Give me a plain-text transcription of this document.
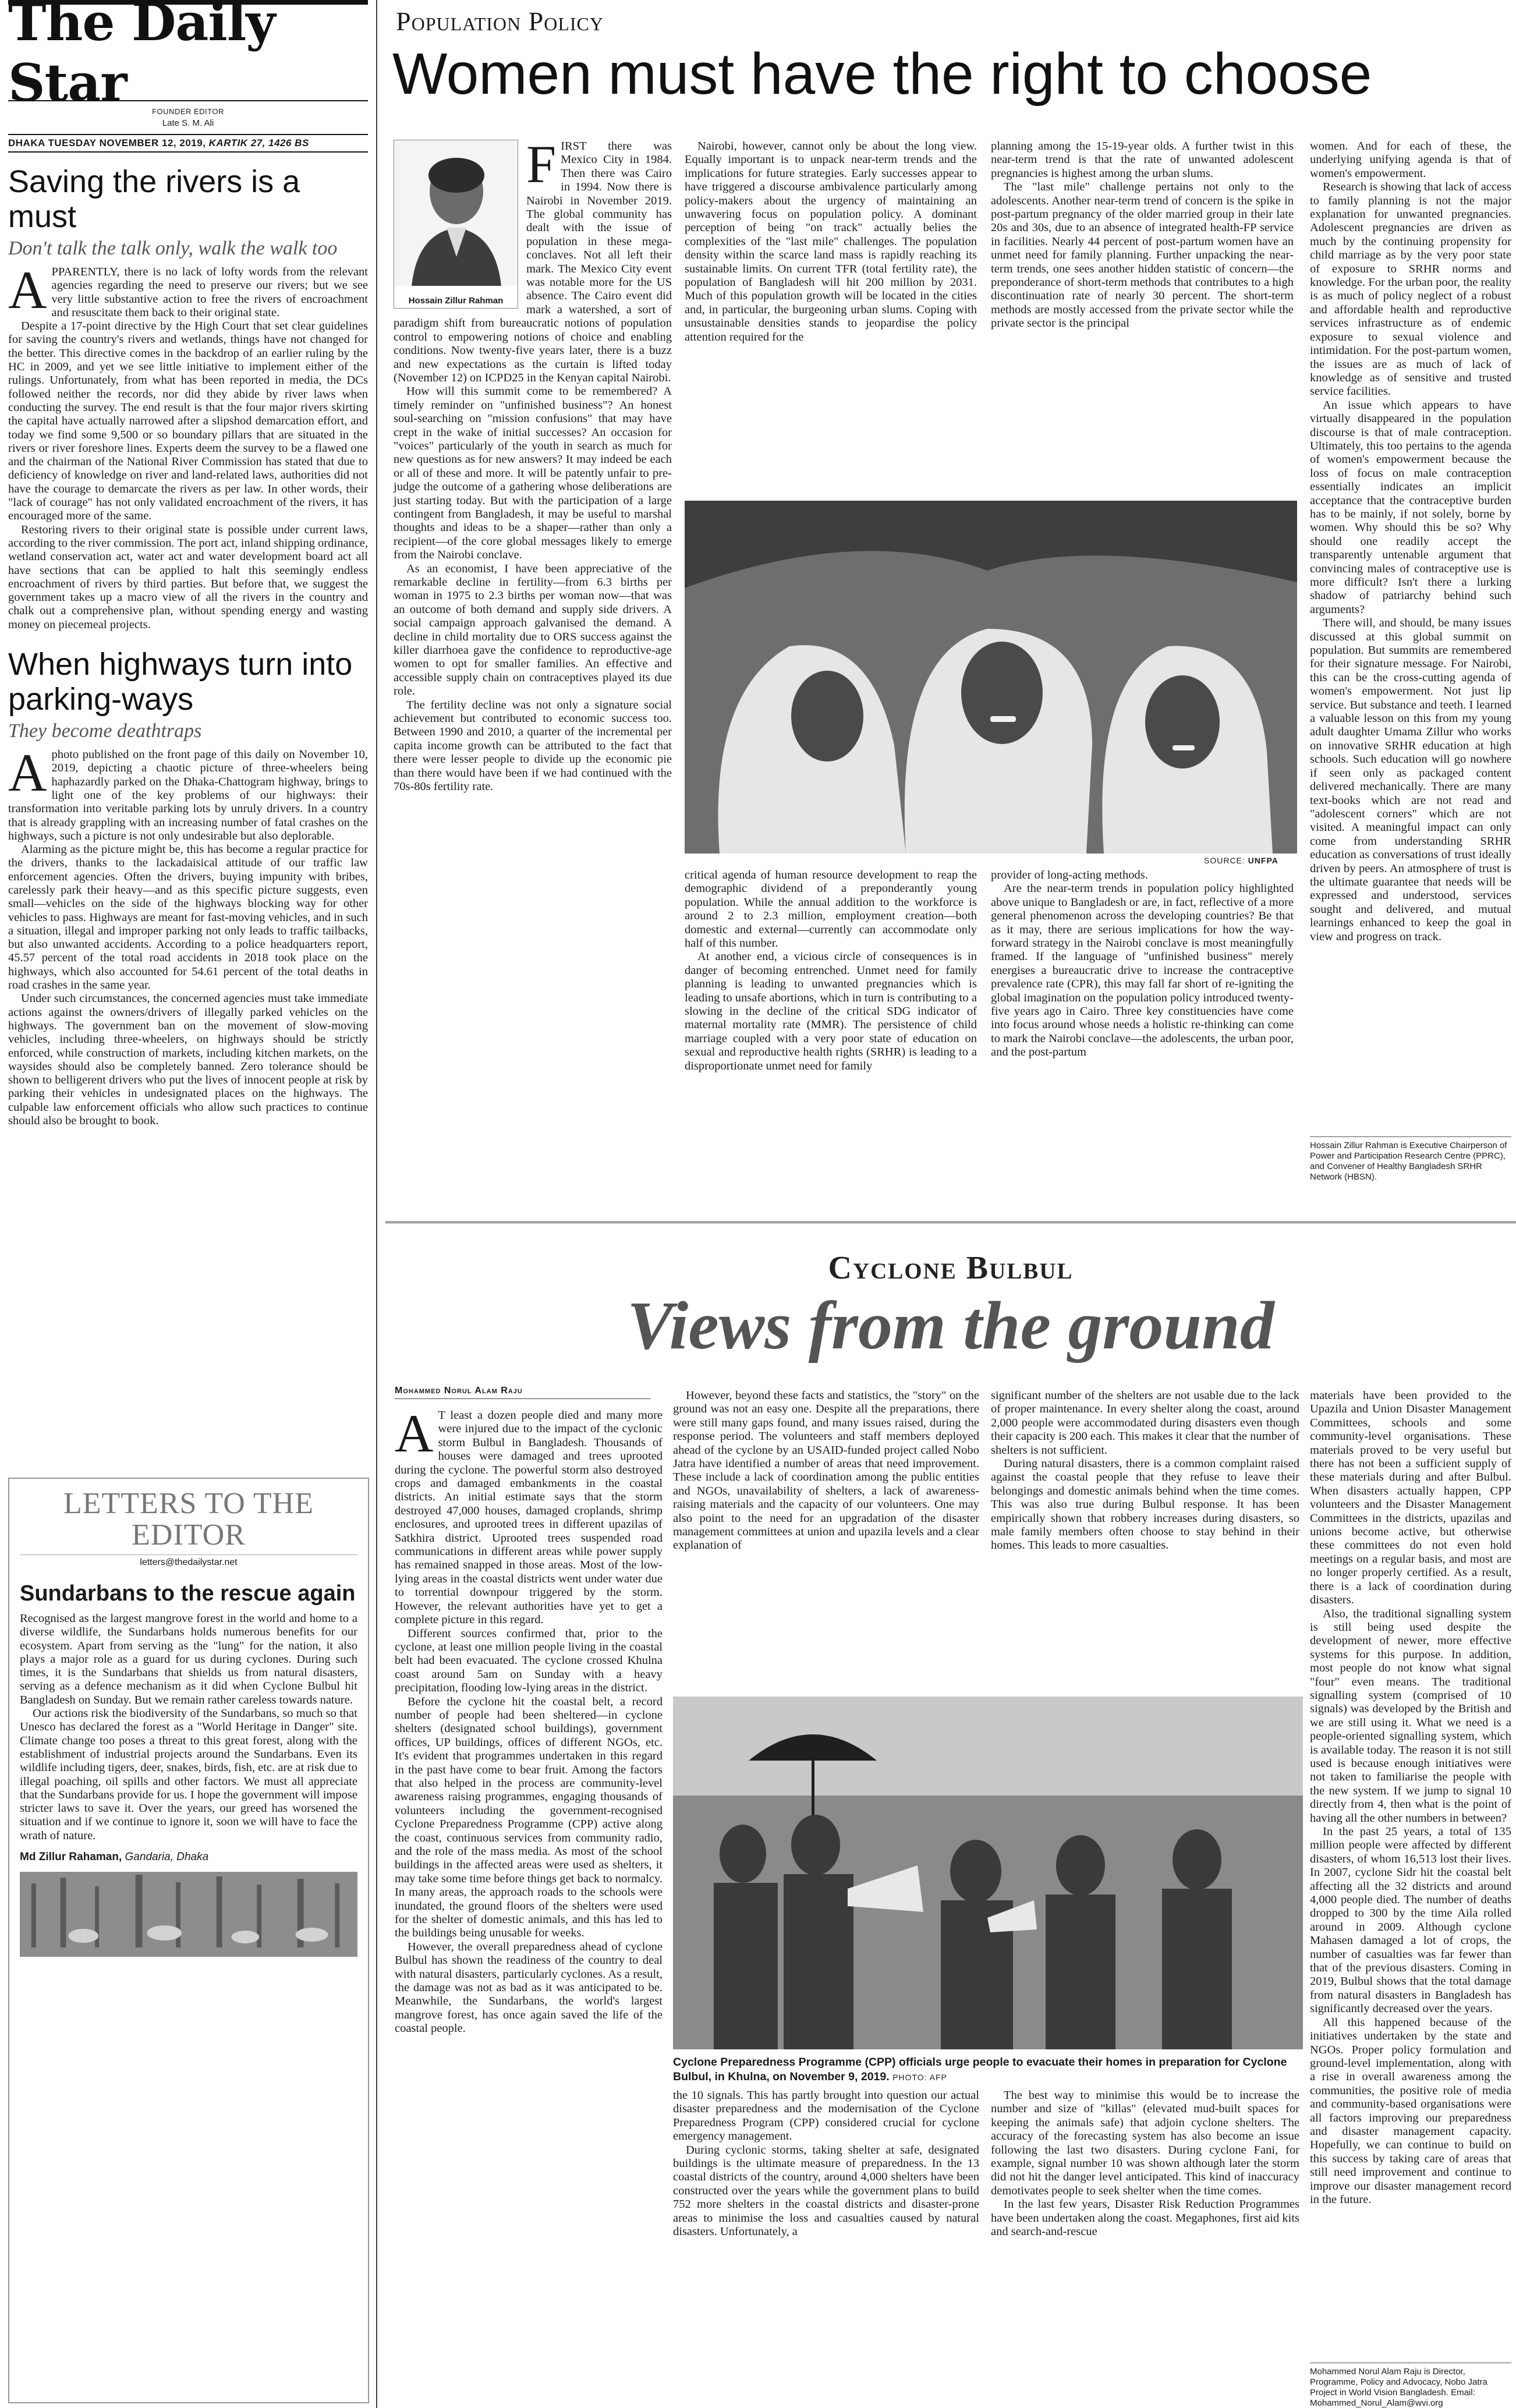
The Daily Star	FOUNDER EDITOR
Late S. M. Ali
DHAKA TUESDAY NOVEMBER 12, 2019, KARTIK 27, 1426 BS
Saving the rivers is a must
Don't talk the talk only, walk the walk too

APPARENTLY, there is no lack of lofty words from the relevant agencies regarding the need to preserve our rivers; but we see very little substantive action to free the rivers of encroachment and resuscitate them back to their original state.

Despite a 17-point directive by the High Court that set clear guidelines for saving the country's rivers and wetlands, things have not changed for the better. This directive comes in the backdrop of an earlier ruling by the HC in 2009, and yet we see little initiative to implement either of the rulings. Unfortunately, from what has been reported in media, the DCs followed neither the records, nor did they abide by river laws when conducting the survey. The end result is that the four major rivers skirting the capital have actually narrowed after a slipshod demarcation effort, and today we find some 9,500 or so boundary pillars that are situated in the rivers or river foreshore lines. Experts deem the survey to be a flawed one and the chairman of the National River Commission has stated that due to deficiency of knowledge on river and land-related laws, authorities did not have the courage to demarcate the rivers as per law. In other words, their "lack of courage" has not only validated encroachment of the rivers, it has encouraged more of the same.

Restoring rivers to their original state is possible under current laws, according to the river commission. The port act, inland shipping ordinance, wetland conservation act, water act and water development board act all have sections that can be applied to halt this seemingly endless encroachment of rivers by third parties. But before that, we suggest the government takes up a macro view of all the rivers in the country and chalk out a comprehensive plan, without spending energy and wasting money on piecemeal projects.

When highways turn into parking-ways
They become deathtraps

A photo published on the front page of this daily on November 10, 2019, depicting a chaotic picture of three-wheelers being haphazardly parked on the Dhaka-Chattogram highway, brings to light one of the key problems of our highways: their transformation into veritable parking lots by unruly drivers. In a country that is already grappling with an increasing number of fatal crashes on the highways, such a picture is not only undesirable but also deplorable.

Alarming as the picture might be, this has become a regular practice for the drivers, thanks to the lackadaisical attitude of our traffic law enforcement agencies. Often the drivers, buying impunity with bribes, carelessly park their heavy—and as this specific picture suggests, even small—vehicles on the side of the highways blocking way for other vehicles to pass. Highways are meant for fast-moving vehicles, and in such a situation, illegal and improper parking not only leads to traffic tailbacks, but also unwanted accidents. According to a police headquarters report, 45.57 percent of the total road accidents in 2018 took place on the highways, which also accounted for 54.61 percent of the total deaths in road crashes in the same year.

Under such circumstances, the concerned agencies must take immediate actions against the owners/drivers of illegally parked vehicles on the highways. The government ban on the movement of slow-moving vehicles, including three-wheelers, on highways should be strictly enforced, while construction of markets, including kitchen markets, on the waysides should also be completely banned. Zero tolerance should be shown to belligerent drivers who put the lives of innocent people at risk by parking their vehicles in undesignated places on the highways. The culpable law enforcement officials who allow such practices to continue should also be brought to book.

LETTERS TO THE EDITOR
letters@thedailystar.net
Sundarbans to the rescue again

Recognised as the largest mangrove forest in the world and home to a diverse wildlife, the Sundarbans holds numerous benefits for our ecosystem. Apart from serving as the "lung" for the nation, it also plays a major role as a guard for us during cyclones. During such times, it is the Sundarbans that shields us from natural disasters, serving as a defence mechanism as it did when Cyclone Bulbul hit Bangladesh on Sunday. But we remain rather careless towards nature.

Our actions risk the biodiversity of the Sundarbans, so much so that Unesco has declared the forest as a "World Heritage in Danger" site. Climate change too poses a threat to this great forest, along with the establishment of industrial projects around the Sundarbans. Even its wildlife including tigers, deer, snakes, birds, fish, etc. are at risk due to illegal poaching, oil spills and other factors. We must all appreciate that the Sundarbans provide for us. I hope the government will impose stricter laws to save it. Over the years, our greed has worsened the situation and if we continue to ignore it, soon we will have to face the wrath of nature.

Md Zillur Rahaman, Gandaria, Dhaka
Population Policy
Women must have the right to choose
Hossain Zillur Rahman

FIRST there was Mexico City in 1984. Then there was Cairo in 1994. Now there is Nairobi in November 2019. The global community has dealt with the issue of population in these mega-conclaves. Not all left their mark. The Mexico City event was notable more for the US absence. The Cairo event did mark a watershed, a sort of paradigm shift from bureaucratic notions of population control to empowering notions of choice and enabling conditions. Now twenty-five years later, there is a buzz and new expectations as the curtain is lifted today (November 12) on ICPD25 in the Kenyan capital Nairobi.

How will this summit come to be remembered? A timely reminder on "unfinished business"? An honest soul-searching on "mission confusions" that may have crept in the wake of initial successes? An occasion for "voices" particularly of the youth in search as much for new questions as for new answers? It may indeed be each or all of these and more. It will be patently unfair to pre-judge the outcome of a gathering whose deliberations are just starting today. But with the participation of a large contingent from Bangladesh, it may be useful to marshal thoughts and ideas to be a shaper—rather than only a recipient—of the core global messages likely to emerge from the Nairobi conclave.

As an economist, I have been appreciative of the remarkable decline in fertility—from 6.3 births per woman in 1975 to 2.3 births per woman now—that was an outcome of both demand and supply side drivers. A social campaign approach galvanised the demand. A decline in child mortality due to ORS success against the killer diarrhoea gave the confidence to reproductive-age women to opt for smaller families. An effective and accessible supply chain on contraceptives played its due role.

The fertility decline was not only a signature social achievement but contributed to economic success too. Between 1990 and 2010, a quarter of the incremental per capita income growth can be attributed to the fact that there were lesser people to divide up the economic pie than there would have been if we had continued with the 70s-80s fertility rate.

Nairobi, however, cannot only be about the long view. Equally important is to unpack near-term trends and the implications for future strategies. Early successes appear to have triggered a discourse ambivalence particularly among policy-makers about the urgency of maintaining an unwavering focus on population policy. A dominant perception of being "on track" actually belies the complexities of the "last mile" challenges. The population density within the scarce land mass is rapidly reaching its sustainable limits. On current TFR (total fertility rate), the population of Bangladesh will hit 200 million by 2031. Much of this population growth will be located in the cities and, in particular, the burgeoning urban slums. Coping with unsustainable densities stands to jeopardise the policy attention required for the

planning among the 15-19-year olds. A further twist in this near-term trend is that the rate of unwanted adolescent pregnancies is highest among the urban slums.

The "last mile" challenge pertains not only to the adolescents. Another near-term trend of concern is the spike in post-partum pregnancy of the older married group in their late 20s and 30s, due to an absence of integrated health-FP service in facilities. Nearly 44 percent of post-partum women have an unmet need for family planning. Further unpacking the near-term trends, one sees another hidden statistic of concern—the preponderance of short-term methods that contributes to a high discontinuation rate of nearly 30 percent. The short-term methods are mostly accessed from the private sector while the private sector is the principal

SOURCE: UNFPA

critical agenda of human resource development to reap the demographic dividend of a preponderantly young population. While the annual addition to the workforce is around 2 to 2.3 million, employment creation—both domestic and external—currently can accommodate only half of this number.

At another end, a vicious circle of consequences is in danger of becoming entrenched. Unmet need for family planning is leading to unwanted pregnancies which is leading to unsafe abortions, which in turn is contributing to a slowing in the decline of the critical SDG indicator of maternal mortality rate (MMR). The persistence of child marriage coupled with a very poor state of education on sexual and reproductive health rights (SRHR) is leading to a disproportionate unmet need for family

provider of long-acting methods.

Are the near-term trends in population policy highlighted above unique to Bangladesh or are, in fact, reflective of a more general phenomenon across the developing countries? Be that as it may, there are serious implications for how the way-forward strategy in the Nairobi conclave is most meaningfully framed. If the language of "unfinished business" merely energises a bureaucratic drive to increase the contraceptive prevalence rate (CPR), this may fall far short of re-igniting the global imagination on the population policy introduced twenty-five years ago in Cairo. Three key constituencies have come into focus around whose needs a holistic re-thinking can come to mark the Nairobi conclave—the adolescents, the urban poor, and the post-partum

women. And for each of these, the underlying unifying agenda is that of women's empowerment.

Research is showing that lack of access to family planning is not the major explanation for unwanted pregnancies. Adolescent pregnancies are driven as much by the continuing propensity for child marriage as by the very poor state of exposure to SRHR norms and knowledge. For the urban poor, the reality is as much of policy neglect of a robust and affordable health and reproductive services infrastructure as of endemic exposure to sexual violence and intimidation. For the post-partum women, the issues are as much of lack of knowledge as of sensitive and trusted service facilities.

An issue which appears to have virtually disappeared in the population discourse is that of male contraception. Ultimately, this too pertains to the agenda of women's empowerment because the loss of focus on male contraception essentially indicates an implicit acceptance that the contraceptive burden has to be mainly, if not solely, borne by women. Why should this be so? Why should one readily accept the transparently untenable argument that convincing males of contraceptive use is more difficult? Isn't there a lurking shadow of patriarchy behind such arguments?

There will, and should, be many issues discussed at this global summit on population. But summits are remembered for their signature message. For Nairobi, this can be the cross-cutting agenda of women's empowerment. Not just lip service. But substance and teeth. I learned a valuable lesson on this from my young adult daughter Umama Zillur who works on innovative SRHR education at high schools. Such education will go nowhere if seen only as packaged content delivered mechanically. There are many text-books which are not read and "adolescent corners" which are not visited. A meaningful impact can only come from understanding SRHR education as conversations of trust ideally driven by peers. An atmosphere of trust is the ultimate guarantee that needs will be expressed and understood, services sought and delivered, and mutual learnings enhanced to keep the goal in view and progress on track.

Hossain Zillur Rahman is Executive Chairperson of Power and Participation Research Centre (PPRC), and Convener of Healthy Bangladesh SRHR Network (HBSN).
Cyclone Bulbul
Views from the ground
Mohammed Norul Alam Raju

A T least a dozen people died and many more were injured due to the impact of the cyclonic storm Bulbul in Bangladesh. Thousands of houses were damaged and trees uprooted during the cyclone. The powerful storm also destroyed crops and damaged embankments in the coastal districts. An initial estimate says that the storm destroyed 47,000 houses, damaged croplands, shrimp enclosures, and uprooted trees in different upazilas of Satkhira district. Uprooted trees suspended road communications in different areas while power supply has remained snapped in those areas. Most of the low-lying areas in the coastal districts went under water due to torrential downpour triggered by the storm. However, the relevant authorities have yet to get a complete picture in this regard.

Different sources confirmed that, prior to the cyclone, at least one million people living in the coastal belt had been evacuated. The cyclone crossed Khulna coast around 5am on Sunday with a heavy precipitation, flooding low-lying areas in the district.

Before the cyclone hit the coastal belt, a record number of people had been sheltered—in cyclone shelters (designated school buildings), government offices, UP buildings, offices of different NGOs, etc. It's evident that programmes undertaken in this regard in the past have come to bear fruit. Among the factors that also helped in the process are community-level awareness raising programmes, engaging thousands of volunteers including the government-recognised Cyclone Preparedness Programme (CPP) active along the coast, continuous services from community radio, and the role of the mass media. As most of the school buildings in the affected areas were used as shelters, it may take some time before things get back to normalcy. In many areas, the approach roads to the schools were inundated, the ground floors of the shelters were used for the shelter of domestic animals, and this has led to the buildings being unusable for weeks.

However, the overall preparedness ahead of cyclone Bulbul has shown the readiness of the country to deal with natural disasters, particularly cyclones. As a result, the damage was not as bad as it was anticipated to be. Meanwhile, the Sundarbans, the world's largest mangrove forest, has once again saved the life of the coastal people.

However, beyond these facts and statistics, the "story" on the ground was not an easy one. Despite all the preparations, there were still many gaps found, and many issues raised, during the response period. The volunteers and staff members deployed ahead of the cyclone by an USAID-funded project called Nobo Jatra have identified a number of areas that need improvement. These include a lack of coordination among the public entities and NGOs, unavailability of shelters, a lack of awareness-raising materials and the capacity of our volunteers. One may also point to the need for an upgradation of the disaster management committees at union and upazila levels and a clear explanation of

significant number of the shelters are not usable due to the lack of proper maintenance. In every shelter along the coast, around 2,000 people were accommodated during disasters even though their capacity is 200 each. This makes it clear that the number of shelters is not sufficient.

During natural disasters, there is a common complaint raised against the coastal people that they refuse to leave their belongings and domestic animals behind when the time comes. This was also true during Bulbul response. It has been empirically shown that robbery increases during disasters, so male family members often choose to stay behind in their homes. This leads to more casualties.

Cyclone Preparedness Programme (CPP) officials urge people to evacuate their homes in preparation for Cyclone Bulbul, in Khulna, on November 9, 2019. PHOTO: AFP

the 10 signals. This has partly brought into question our actual disaster preparedness and the modernisation of the Cyclone Preparedness Program (CPP) considered crucial for cyclone emergency management.

During cyclonic storms, taking shelter at safe, designated buildings is the ultimate measure of preparedness. In the 13 coastal districts of the country, around 4,000 shelters have been constructed over the years while the government plans to build 752 more shelters in the coastal districts and disaster-prone areas to minimise the loss and casualties caused by natural disasters. Unfortunately, a

The best way to minimise this would be to increase the number and size of "killas" (elevated mud-built spaces for keeping the animals safe) that adjoin cyclone shelters. The accuracy of the forecasting system has also become an issue following the last two disasters. During cyclone Fani, for example, signal number 10 was shown although later the storm did not hit the danger level anticipated. This kind of inaccuracy demotivates people to seek shelter when the time comes.

In the last few years, Disaster Risk Reduction Programmes have been undertaken along the coast. Megaphones, first aid kits and search-and-rescue

materials have been provided to the Upazila and Union Disaster Management Committees, schools and some community-level organisations. These materials proved to be very useful but there has not been a sufficient supply of these materials during and after Bulbul. When disasters actually happen, CPP volunteers and the Disaster Management Committees in the districts, upazilas and unions become active, but otherwise these committees do not even hold meetings on a regular basis, and most are no longer properly certified. As a result, there is a lack of coordination during disasters.

Also, the traditional signalling system is still being used despite the development of newer, more effective systems for this purpose. In addition, most people do not know what signal "four" even means. The traditional signalling system (comprised of 10 signals) was developed by the British and we are still using it. What we need is a people-oriented signalling system, which is available today. The reason it is not still used is because enough initiatives were not taken to familiarise the people with the new system. If we jump to signal 10 directly from 4, then what is the point of having all the other numbers in between?

In the past 25 years, a total of 135 million people were affected by different disasters, of whom 16,513 lost their lives. In 2007, cyclone Sidr hit the coastal belt affecting all the 32 districts and around 4,000 people died. The number of deaths dropped to 300 by the time Aila rolled around in 2009. Although cyclone Mahasen damaged a lot of crops, the number of casualties was far fewer than that of the previous disasters. Coming in 2019, Bulbul shows that the total damage from natural disasters in Bangladesh has significantly decreased over the years.

All this happened because of the initiatives undertaken by the state and NGOs. Proper policy formulation and ground-level implementation, along with a rise in overall awareness among the communities, the positive role of media and community-based organisations were all factors improving our preparedness and disaster management capacity. Hopefully, we can continue to build on this success by taking care of areas that still need improvement and continue to improve our disaster management record in the future.

Mohammed Norul Alam Raju is Director, Programme, Policy and Advocacy, Nobo Jatra Project in World Vision Bangladesh. Email: Mohammed_Norul_Alam@wvi.org
